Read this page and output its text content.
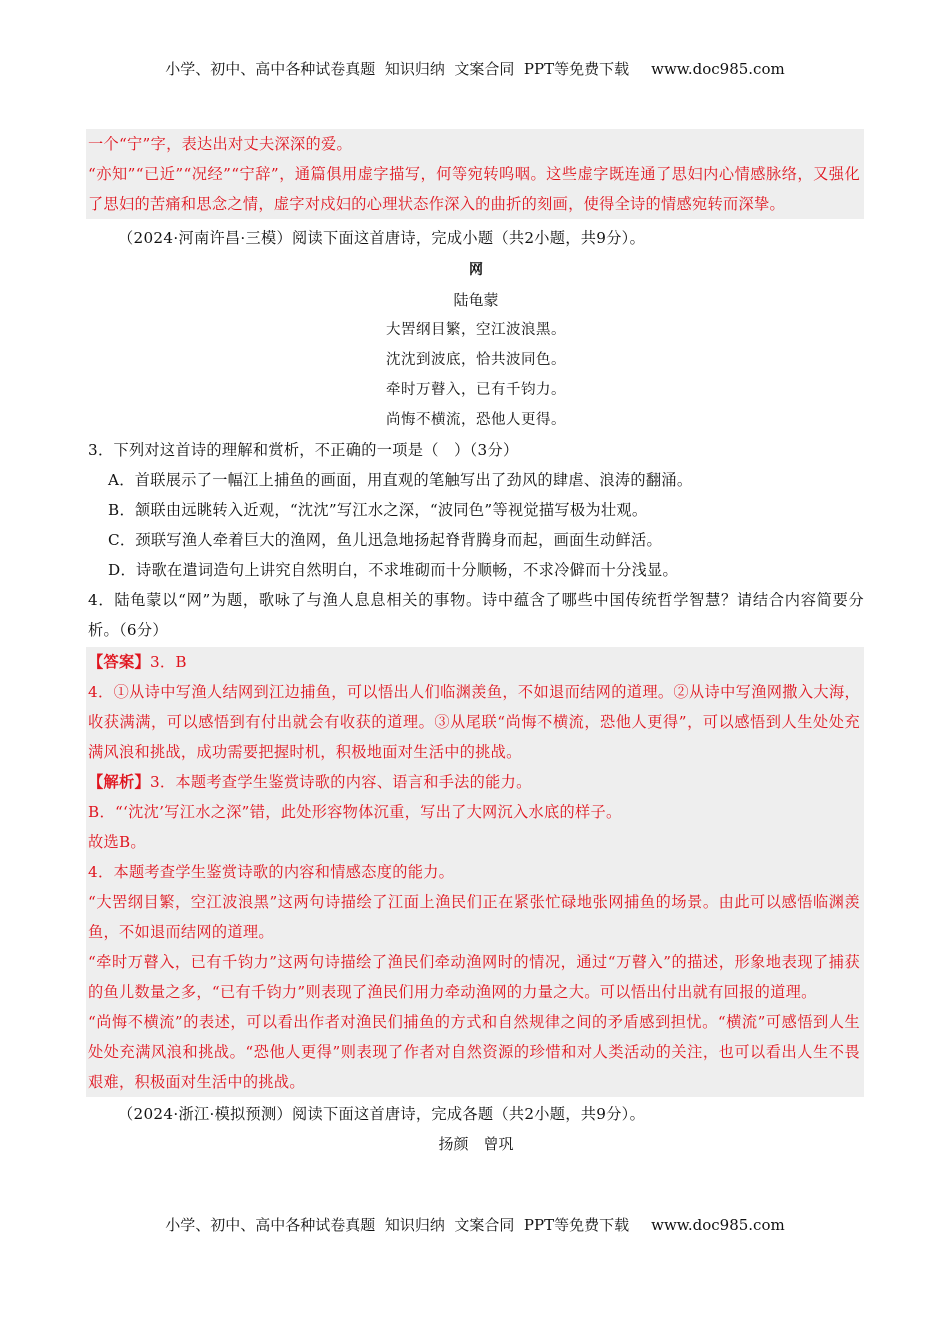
小学、初中、高中各种试卷真题  知识归纳  文案合同  PPT等免费下载 www.doc985.com

一个“宁”字，表达出对丈夫深深的爱。

“亦知”“已近”“况经”“宁辞”，通篇俱用虚字描写，何等宛转呜咽。这些虚字既连通了思妇内心情感脉络，又强化了思妇的苦痛和思念之情，虚字对戍妇的心理状态作深入的曲折的刻画，使得全诗的情感宛转而深挚。

（2024·河南许昌·三模）阅读下面这首唐诗，完成小题（共2小题，共9分）。

网
陆龟蒙
大罟纲目繁，空江波浪黑。
沈沈到波底，恰共波同色。
牵时万瞽入，已有千钧力。
尚悔不横流，恐他人更得。

3．下列对这首诗的理解和赏析，不正确的一项是（　）（3分）

A．首联展示了一幅江上捕鱼的画面，用直观的笔触写出了劲风的肆虐、浪涛的翻涌。

B．颔联由远眺转入近观，“沈沈”写江水之深，“波同色”等视觉描写极为壮观。

C．颈联写渔人牵着巨大的渔网，鱼儿迅急地扬起脊背腾身而起，画面生动鲜活。

D．诗歌在遣词造句上讲究自然明白，不求堆砌而十分顺畅，不求冷僻而十分浅显。

4．陆龟蒙以“网”为题，歌咏了与渔人息息相关的事物。诗中蕴含了哪些中国传统哲学智慧？请结合内容简要分析。（6分）

【答案】3．B

4．①从诗中写渔人结网到江边捕鱼，可以悟出人们临渊羡鱼，不如退而结网的道理。②从诗中写渔网撒入大海，收获满满，可以感悟到有付出就会有收获的道理。③从尾联“尚悔不横流，恐他人更得”，可以感悟到人生处处充满风浪和挑战，成功需要把握时机，积极地面对生活中的挑战。

【解析】3．本题考查学生鉴赏诗歌的内容、语言和手法的能力。

B．“‘沈沈’写江水之深”错，此处形容物体沉重，写出了大网沉入水底的样子。

故选B。

4．本题考查学生鉴赏诗歌的内容和情感态度的能力。

“大罟纲目繁，空江波浪黑”这两句诗描绘了江面上渔民们正在紧张忙碌地张网捕鱼的场景。由此可以感悟临渊羡鱼，不如退而结网的道理。

“牵时万瞽入，已有千钧力”这两句诗描绘了渔民们牵动渔网时的情况，通过“万瞽入”的描述，形象地表现了捕获的鱼儿数量之多，“已有千钧力”则表现了渔民们用力牵动渔网的力量之大。可以悟出付出就有回报的道理。

“尚悔不横流”的表述，可以看出作者对渔民们捕鱼的方式和自然规律之间的矛盾感到担忧。“横流”可感悟到人生处处充满风浪和挑战。“恐他人更得”则表现了作者对自然资源的珍惜和对人类活动的关注，也可以看出人生不畏艰难，积极面对生活中的挑战。

（2024·浙江·模拟预测）阅读下面这首唐诗，完成各题（共2小题，共9分）。

扬颜　曾巩
小学、初中、高中各种试卷真题  知识归纳  文案合同  PPT等免费下载 www.doc985.com
